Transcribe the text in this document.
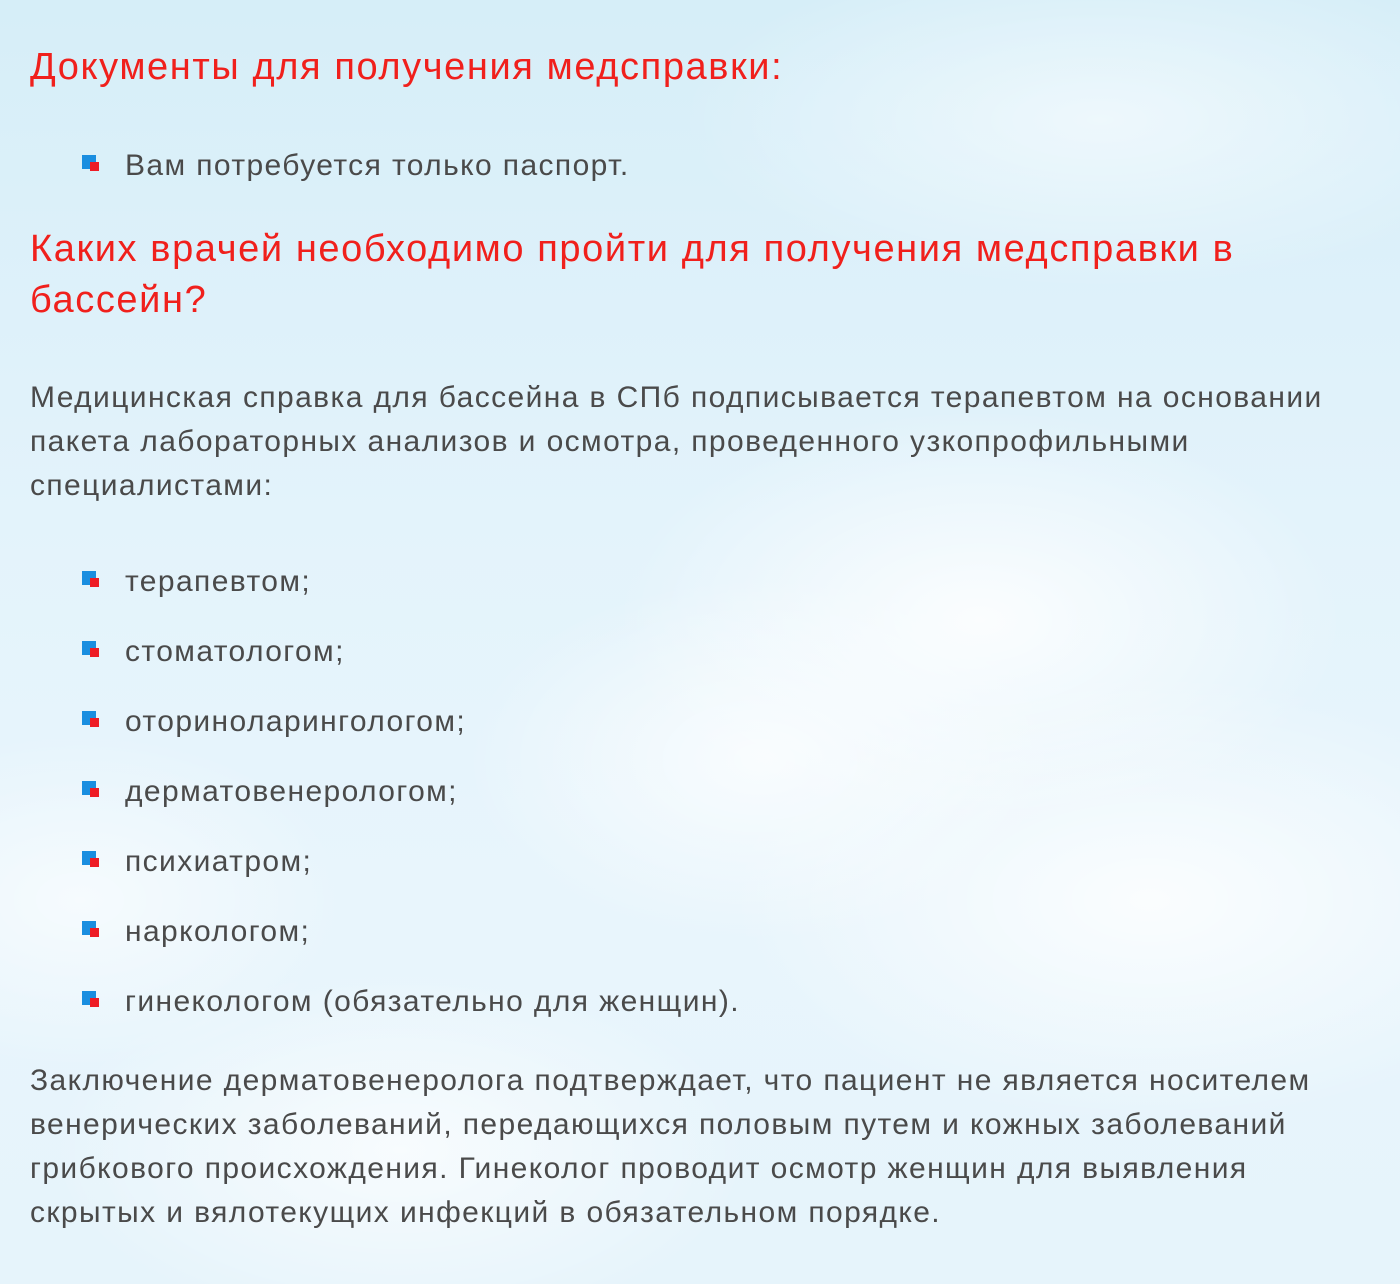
Документы для получения медсправки:
Вам потребуется только паспорт.
Каких врачей необходимо пройти для получения медсправки в бассейн?

Медицинская справка для бассейна в СПб подписывается терапевтом на основании пакета лабораторных анализов и осмотра, проведенного узкопрофильными специалистами:

терапевтом;
стоматологом;
оториноларингологом;
дерматовенерологом;
психиатром;
наркологом;
гинекологом (обязательно для женщин).

Заключение дерматовенеролога подтверждает, что пациент не является носителем венерических заболеваний, передающихся половым путем и кожных заболеваний грибкового происхождения. Гинеколог проводит осмотр женщин для выявления скрытых и вялотекущих инфекций в обязательном порядке.
